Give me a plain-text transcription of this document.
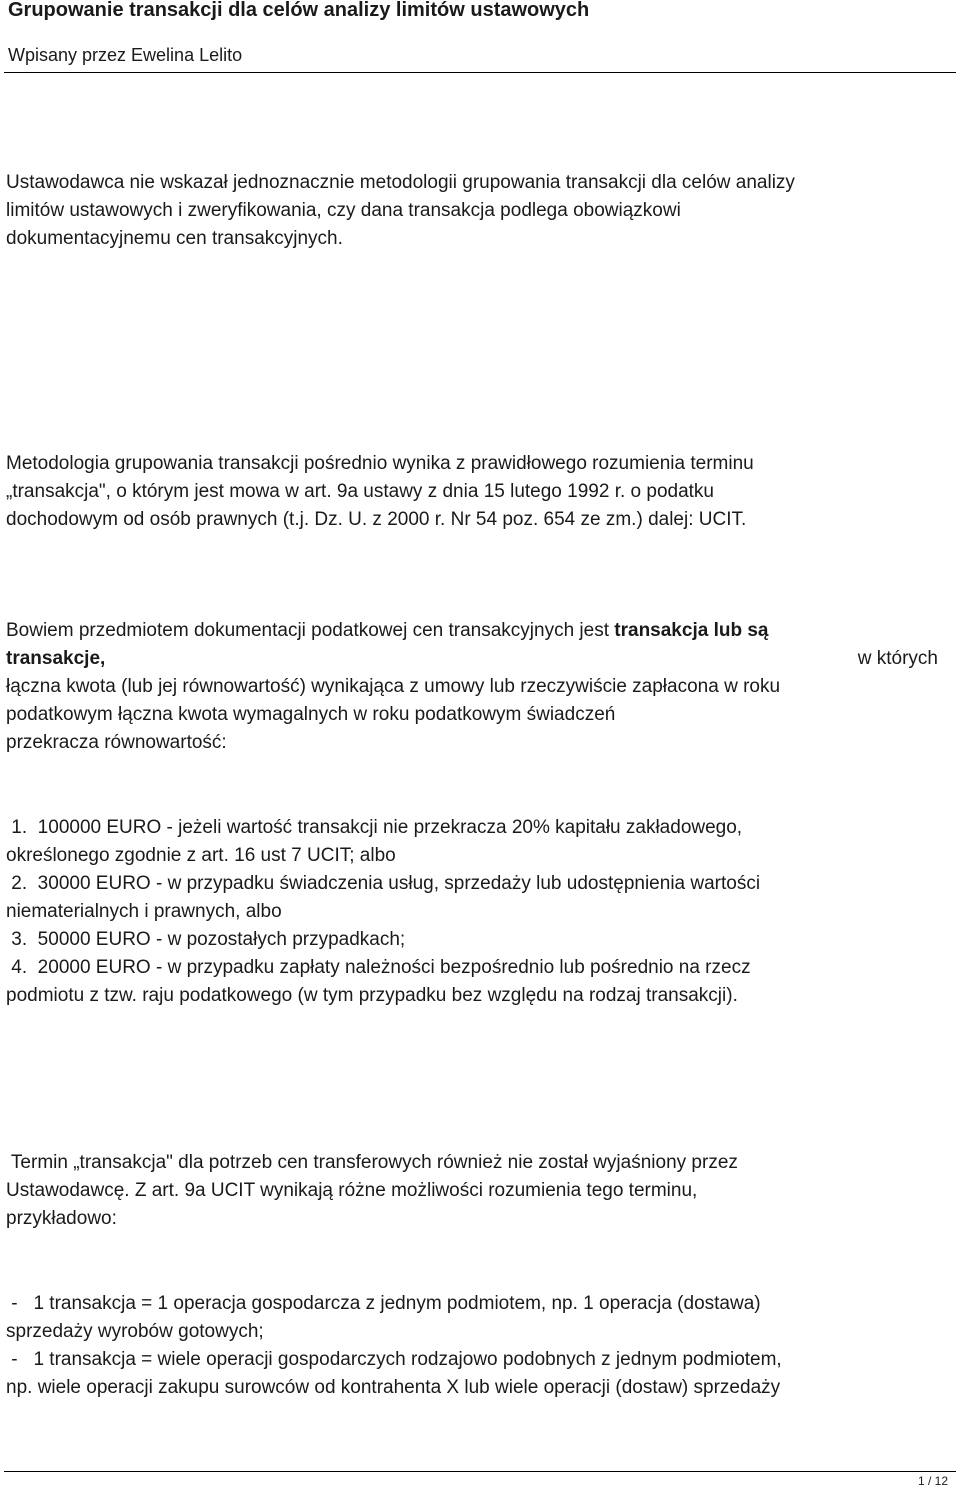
Grupowanie transakcji dla celów analizy limitów ustawowych
Wpisany przez Ewelina Lelito
Ustawodawca nie wskazał jednoznacznie metodologii grupowania transakcji dla celów analizy
limitów ustawowych i zweryfikowania, czy dana transakcja podlega obowiązkowi
dokumentacyjnemu cen transakcyjnych.
Metodologia grupowania transakcji pośrednio wynika z prawidłowego rozumienia terminu
„transakcja", o którym jest mowa w art. 9a ustawy z dnia 15 lutego 1992 r. o podatku
dochodowym od osób prawnych (t.j. Dz. U. z 2000 r. Nr 54 poz. 654 ze zm.) dalej: UCIT.
Bowiem przedmiotem dokumentacji podatkowej cen transakcyjnych jest transakcja lub są
transakcje,	w których
łączna kwota (lub jej równowartość) wynikająca z umowy lub rzeczywiście zapłacona w roku
podatkowym łączna kwota wymagalnych w roku podatkowym świadczeń
przekracza równowartość:
1.  100000 EURO - jeżeli wartość transakcji nie przekracza 20% kapitału zakładowego,
określonego zgodnie z art. 16 ust 7 UCIT; albo
2.  30000 EURO - w przypadku świadczenia usług, sprzedaży lub udostępnienia wartości
niematerialnych i prawnych, albo
3.  50000 EURO - w pozostałych przypadkach;
4.  20000 EURO - w przypadku zapłaty należności bezpośrednio lub pośrednio na rzecz
podmiotu z tzw. raju podatkowego (w tym przypadku bez względu na rodzaj transakcji).
Termin „transakcja" dla potrzeb cen transferowych również nie został wyjaśniony przez
Ustawodawcę. Z art. 9a UCIT wynikają różne możliwości rozumienia tego terminu,
przykładowo:
-   1 transakcja = 1 operacja gospodarcza z jednym podmiotem, np. 1 operacja (dostawa)
sprzedaży wyrobów gotowych;
-   1 transakcja = wiele operacji gospodarczych rodzajowo podobnych z jednym podmiotem,
np. wiele operacji zakupu surowców od kontrahenta X lub wiele operacji (dostaw) sprzedaży
1 / 12
